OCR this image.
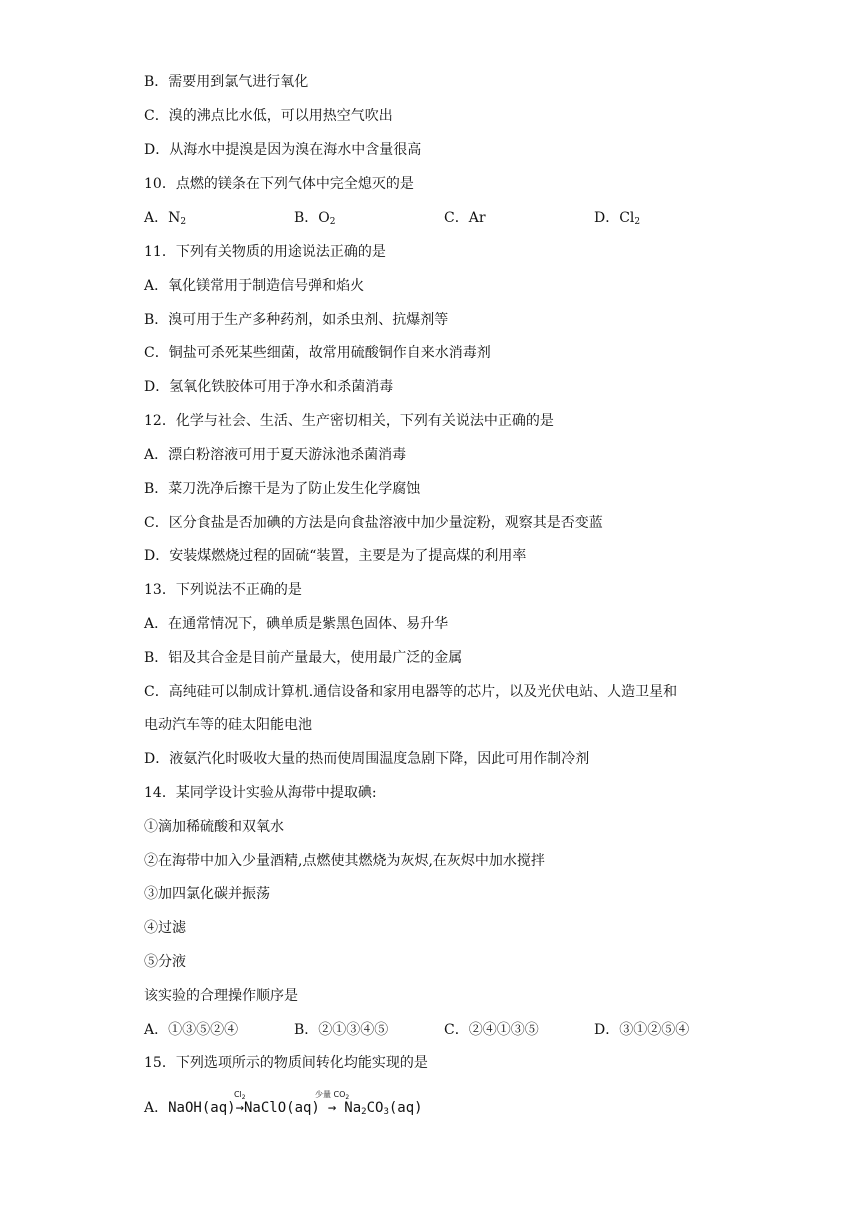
B．需要用到氯气进行氧化
C．溴的沸点比水低，可以用热空气吹出
D．从海水中提溴是因为溴在海水中含量很高
10．点燃的镁条在下列气体中完全熄灭的是
A．$N_2$	B．$O_2$	C．Ar	D．$Cl_2$
11．下列有关物质的用途说法正确的是
A．氧化镁常用于制造信号弹和焰火
B．溴可用于生产多种药剂，如杀虫剂、抗爆剂等
C．铜盐可杀死某些细菌，故常用硫酸铜作自来水消毒剂
D．氢氧化铁胶体可用于净水和杀菌消毒
12．化学与社会、生活、生产密切相关，下列有关说法中正确的是
A．漂白粉溶液可用于夏天游泳池杀菌消毒
B．菜刀洗净后擦干是为了防止发生化学腐蚀
C．区分食盐是否加碘的方法是向食盐溶液中加少量淀粉，观察其是否变蓝
D．安装煤燃烧过程的固硫“装置，主要是为了提高煤的利用率
13．下列说法不正确的是
A．在通常情况下，碘单质是紫黑色固体、易升华
B．铝及其合金是目前产量最大，使用最广泛的金属
C．高纯硅可以制成计算机.通信设备和家用电器等的芯片，以及光伏电站、人造卫星和
电动汽车等的硅太阳能电池
D．液氨汽化时吸收大量的热而使周围温度急剧下降，因此可用作制冷剂
14．某同学设计实验从海带中提取碘:
①滴加稀硫酸和双氧水
②在海带中加入少量酒精,点燃使其燃烧为灰烬,在灰烬中加水搅拌
③加四氯化碳并振荡
④过滤
⑤分液
该实验的合理操作顺序是
A．①③⑤②④	B．②①③④⑤	C．②④①③⑤	D．③①②⑤④
15．下列选项所示的物质间转化均能实现的是
A．NaOH(aq)
$Cl_2$
→NaClO(aq)
少量 $CO_2$
→ $Na_2CO_3(aq)$
